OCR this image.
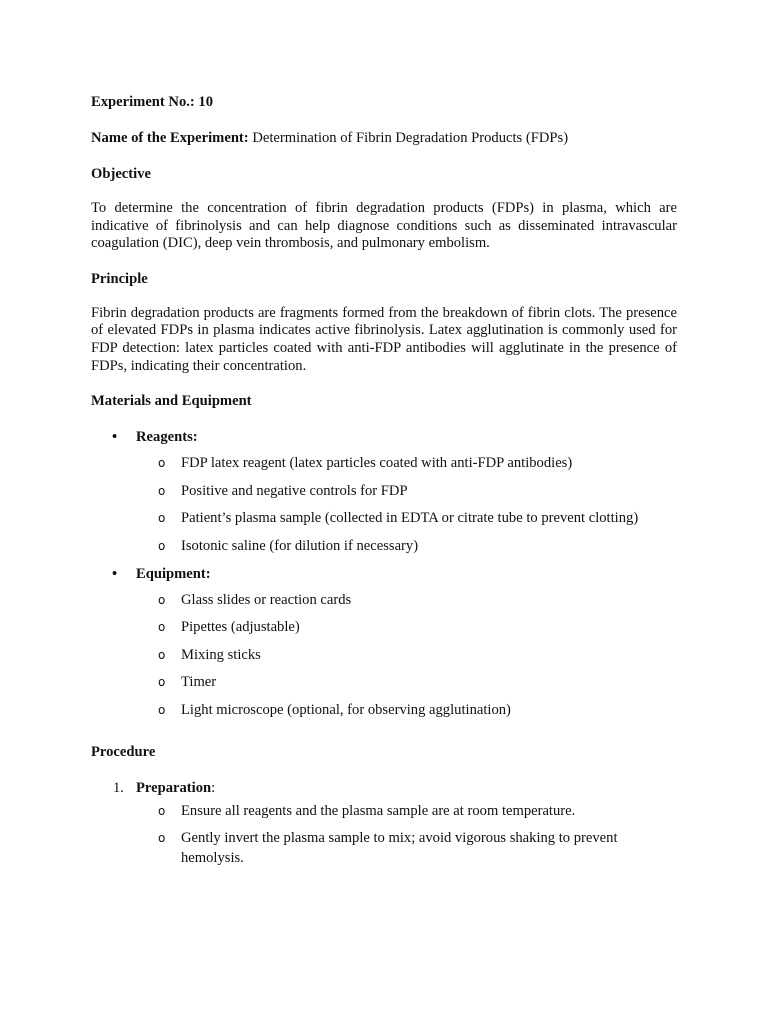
Experiment No.: 10

Name of the Experiment: Determination of Fibrin Degradation Products (FDPs)

Objective

To determine the concentration of fibrin degradation products (FDPs) in plasma, which are indicative of fibrinolysis and can help diagnose conditions such as disseminated intravascular coagulation (DIC), deep vein thrombosis, and pulmonary embolism.

Principle

Fibrin degradation products are fragments formed from the breakdown of fibrin clots. The presence of elevated FDPs in plasma indicates active fibrinolysis. Latex agglutination is commonly used for FDP detection: latex particles coated with anti-FDP antibodies will agglutinate in the presence of FDPs, indicating their concentration.

Materials and Equipment

• Reagents:
o FDP latex reagent (latex particles coated with anti-FDP antibodies)
o Positive and negative controls for FDP
o Patient’s plasma sample (collected in EDTA or citrate tube to prevent clotting)
o Isotonic saline (for dilution if necessary)
• Equipment:
o Glass slides or reaction cards
o Pipettes (adjustable)
o Mixing sticks
o Timer
o Light microscope (optional, for observing agglutination)

Procedure

1. Preparation:
o Ensure all reagents and the plasma sample are at room temperature.
o Gently invert the plasma sample to mix; avoid vigorous shaking to prevent hemolysis.
